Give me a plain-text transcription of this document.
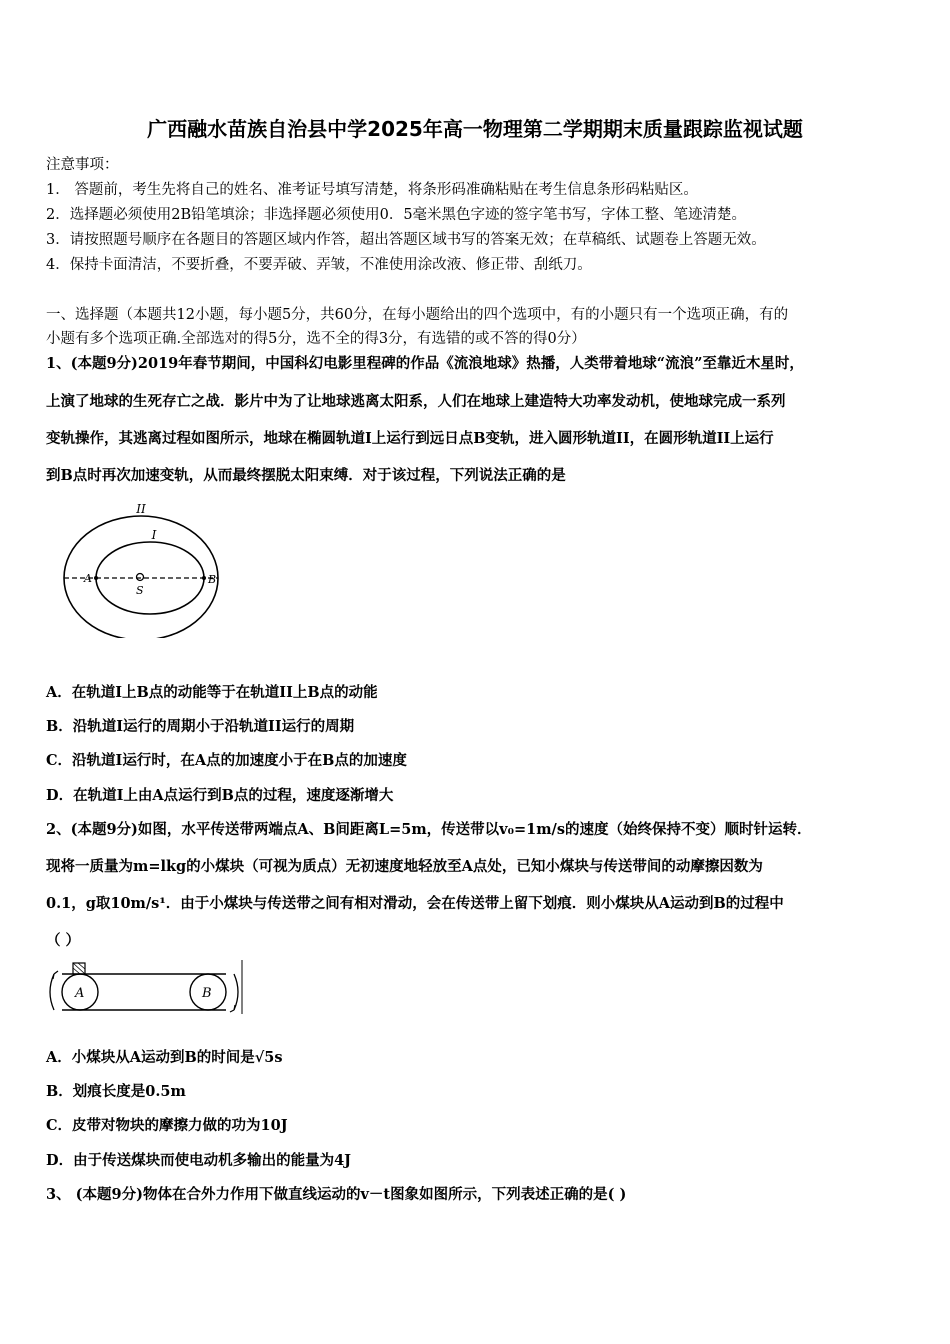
广西融水苗族自治县中学2025年高一物理第二学期期末质量跟踪监视试题
注意事项：
1． 答题前，考生先将自己的姓名、准考证号填写清楚，将条形码准确粘贴在考生信息条形码粘贴区。
2．选择题必须使用2B铅笔填涂；非选择题必须使用0．5毫米黑色字迹的签字笔书写，字体工整、笔迹清楚。
3．请按照题号顺序在各题目的答题区域内作答，超出答题区域书写的答案无效；在草稿纸、试题卷上答题无效。
4．保持卡面清洁，不要折叠，不要弄破、弄皱，不准使用涂改液、修正带、刮纸刀。
一、选择题（本题共12小题，每小题5分，共60分，在每小题给出的四个选项中，有的小题只有一个选项正确，有的
小题有多个选项正确.全部选对的得5分，选不全的得3分，有选错的或不答的得0分）
1、(本题9分)2019年春节期间，中国科幻电影里程碑的作品《流浪地球》热播，人类带着地球“流浪”至靠近木星时，
上演了地球的生死存亡之战．影片中为了让地球逃离太阳系，人们在地球上建造特大功率发动机，使地球完成一系列
变轨操作，其逃离过程如图所示，地球在椭圆轨道I上运行到远日点B变轨，进入圆形轨道II，在圆形轨道II上运行
到B点时再次加速变轨，从而最终摆脱太阳束缚．对于该过程，下列说法正确的是
II
I
A	B
S
A．在轨道I上B点的动能等于在轨道II上B点的动能
B．沿轨道I运行的周期小于沿轨道II运行的周期
C．沿轨道I运行时，在A点的加速度小于在B点的加速度
D．在轨道I上由A点运行到B点的过程，速度逐渐增大
2、(本题9分)如图，水平传送带两端点A、B间距离L=5m，传送带以v₀=1m/s的速度（始终保持不变）顺时针运转．
现将一质量为m=lkg的小煤块（可视为质点）无初速度地轻放至A点处，已知小煤块与传送带间的动摩擦因数为
0.1，g取10m/s¹．由于小煤块与传送带之间有相对滑动，会在传送带上留下划痕．则小煤块从A运动到B的过程中
（ ）
A	B
A．小煤块从A运动到B的时间是√5s
B．划痕长度是0.5m
C．皮带对物块的摩擦力做的功为10J
D．由于传送煤块而使电动机多输出的能量为4J
3、 (本题9分)物体在合外力作用下做直线运动的v－t图象如图所示，下列表述正确的是( )
